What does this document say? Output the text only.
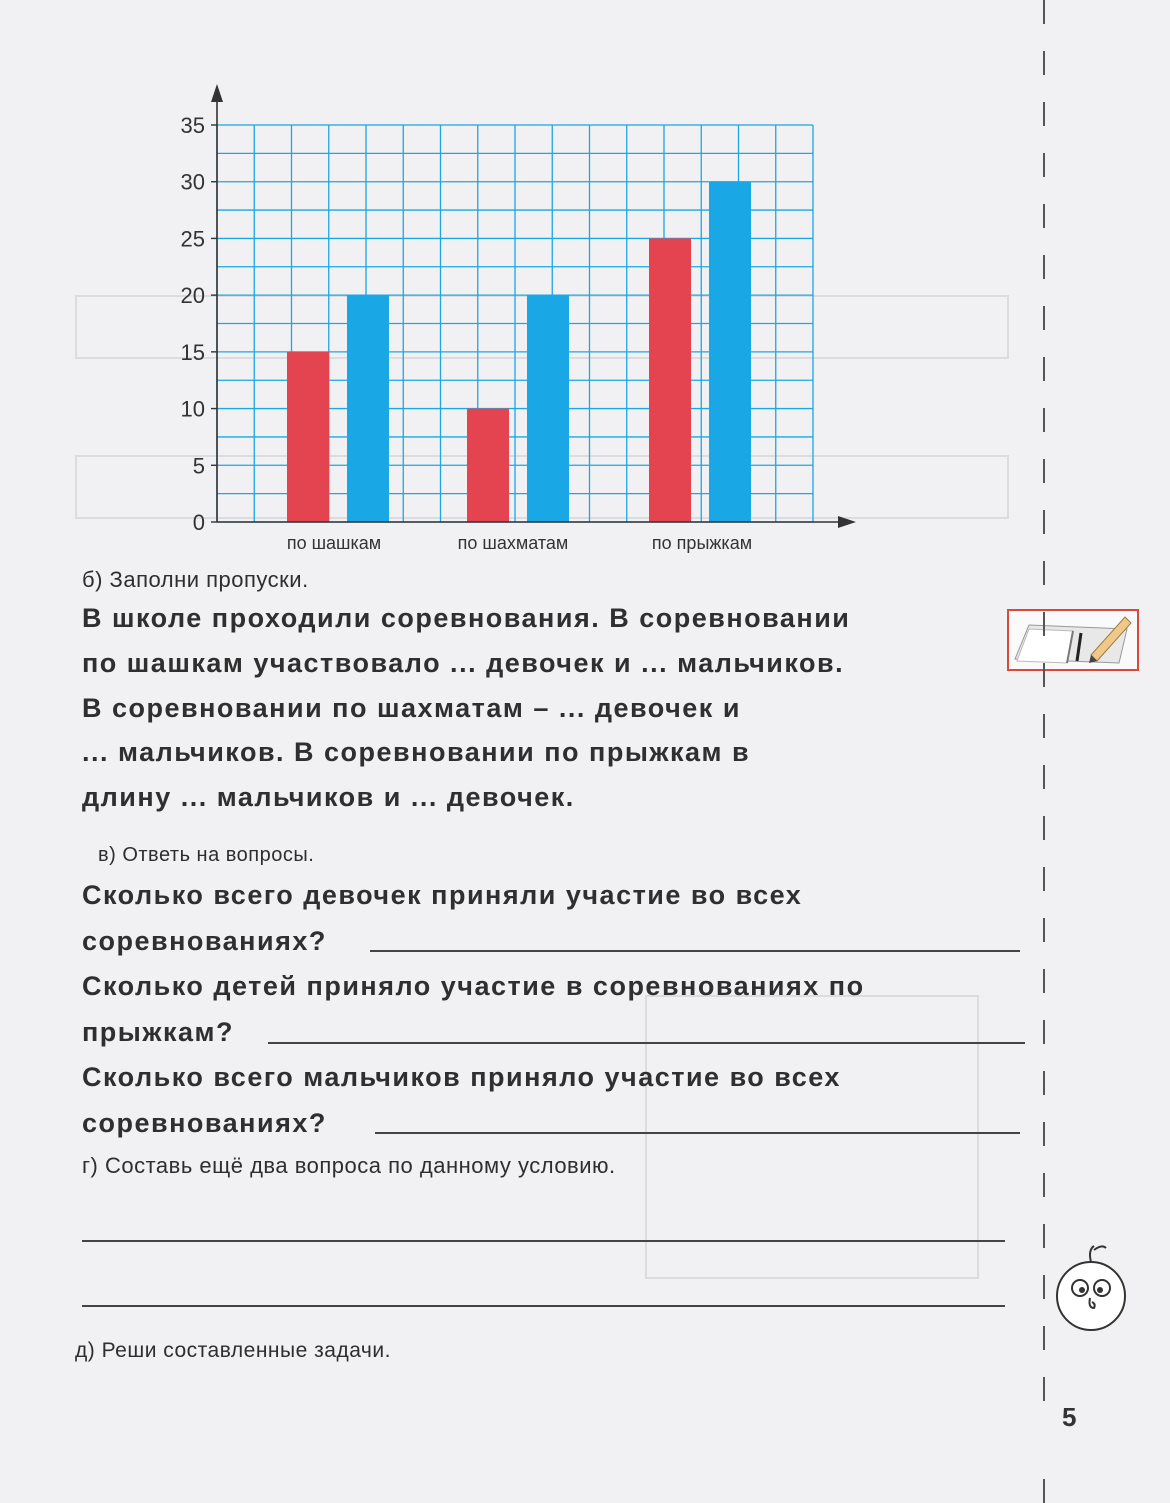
0
5
10
15
20
25
30
35
по шашкам	по шахматам	по прыжкам
б) Заполни пропуски.
В школе проходили соревнования. В соревновании
по шашкам участвовало ... девочек и ... мальчиков.
В соревновании по шахматам – ... девочек и
... мальчиков. В соревновании по прыжкам в
длину ... мальчиков и ... девочек.
в) Ответь на вопросы.
Сколько всего девочек приняли участие во всех
соревнованиях?
Сколько детей приняло участие в соревнованиях по
прыжкам?
Сколько всего мальчиков приняло участие во всех
соревнованиях?
г) Составь ещё два вопроса по данному условию.
д) Реши составленные задачи.
5
